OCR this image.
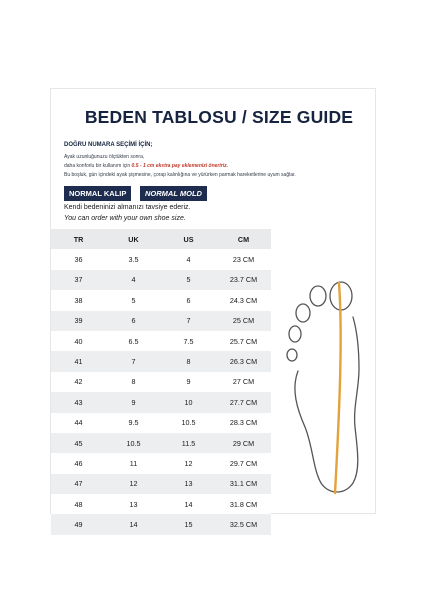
BEDEN TABLOSU / SIZE GUIDE
DOĞRU NUMARA SEÇİMİ İÇİN;
Ayak uzunluğunuzu ölçtükten sonra,
daha konforlu bir kullanım için 0.5 - 1 cm ekstra pay eklemenizi öneririz.
Bu boşluk, gün içindeki ayak şişmesine, çorap kalınlığına ve yürürken parmak hareketlerine uyum sağlar.
NORMAL KALIP	NORMAL MOLD
Kendi bedeninizi almanızı tavsiye ederiz.
You can order with your own shoe size.
TR	UK	US	CM
36	3.5	4	23 CM
37	4	5	23.7 CM
38	5	6	24.3 CM
39	6	7	25 CM
40	6.5	7.5	25.7 CM
41	7	8	26.3 CM
42	8	9	27 CM
43	9	10	27.7 CM
44	9.5	10.5	28.3 CM
45	10.5	11.5	29 CM
46	11	12	29.7 CM
47	12	13	31.1 CM
48	13	14	31.8 CM
49	14	15	32.5 CM
